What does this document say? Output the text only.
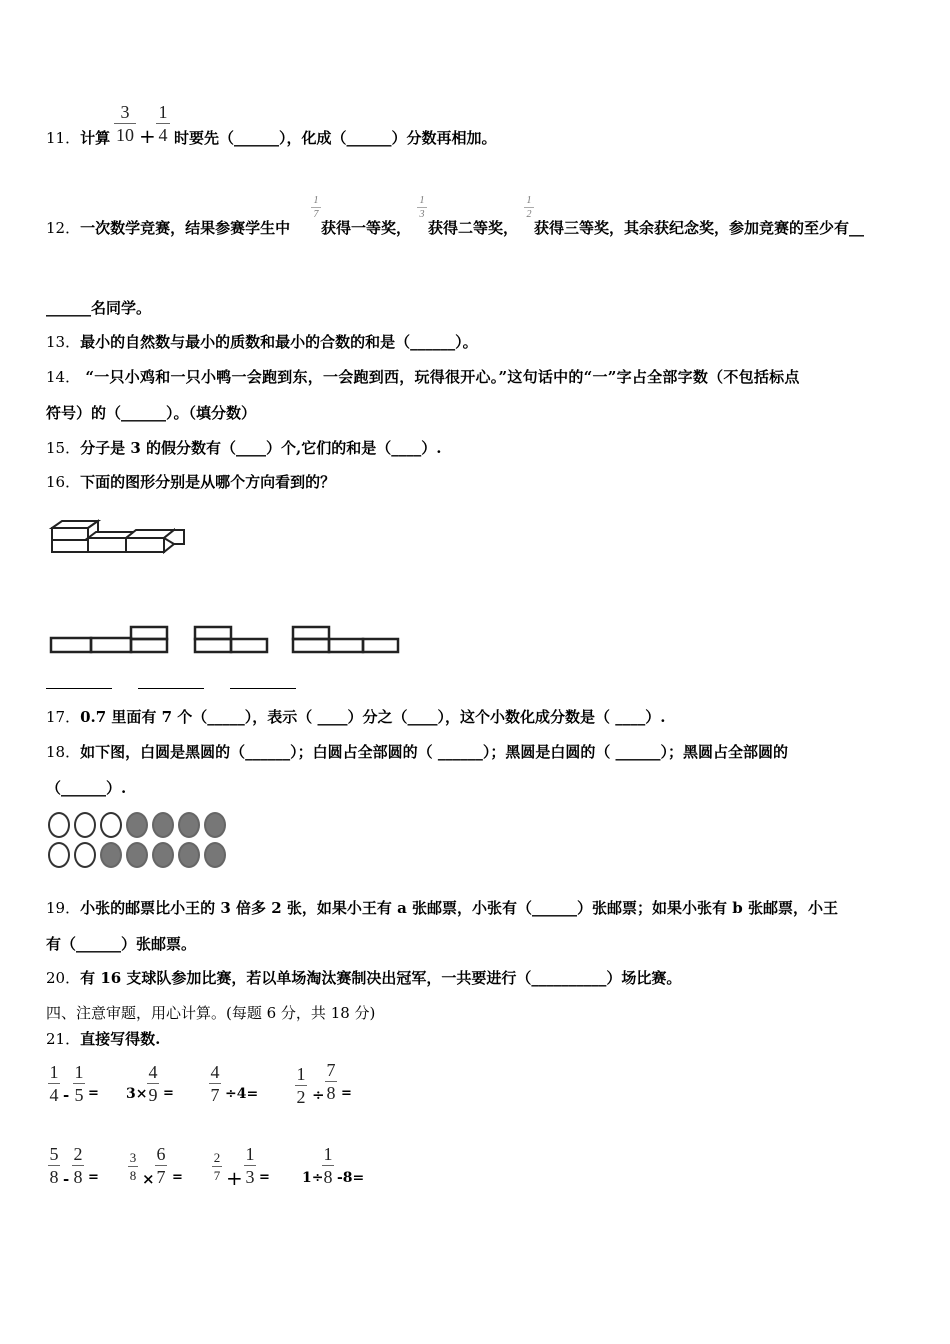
11．计算
3
10 +
1
4 时要先（______），化成（______）分数再相加。
12．一次数学竞赛，结果参赛学生中
1
7
获得一等奖，
1
3
获得二等奖，
1
2
获得三等奖，其余获纪念奖，参加竞赛的至少有__
______名同学。
13．最小的自然数与最小的质数和最小的合数的和是（______）。
14． “一只小鸡和一只小鸭一会跑到东，一会跑到西，玩得很开心。”这句话中的“一”字占全部字数（不包括标点
符号）的（______）。（填分数）
15．分子是 3 的假分数有（____）个,它们的和是（____）.
16．下面的图形分别是从哪个方向看到的？
17．0.7 里面有 7 个（_____），表示（ ____）分之（____），这个小数化成分数是（ ____）.
18．如下图，白圆是黑圆的（______）；白圆占全部圆的（ ______）；黑圆是白圆的（ ______）；黑圆占全部圆的
（______）.
19．小张的邮票比小王的 3 倍多 2 张，如果小王有 a 张邮票，小张有（______）张邮票；如果小张有 b 张邮票，小王
有（______）张邮票。
20．有 16 支球队参加比赛，若以单场淘汰赛制决出冠军，一共要进行（__________）场比赛。
四、注意审题，用心计算。(每题 6 分，共 18 分)
21．直接写得数.
1
4 -
1
5 = 3×
4
9 =
4
7 ÷4=
1
2 ÷
7
8 =
5
8 -
2
8 =
3
8 ×
6
7 =
2
7 +
1
3 = 1÷
1
8 -8=
